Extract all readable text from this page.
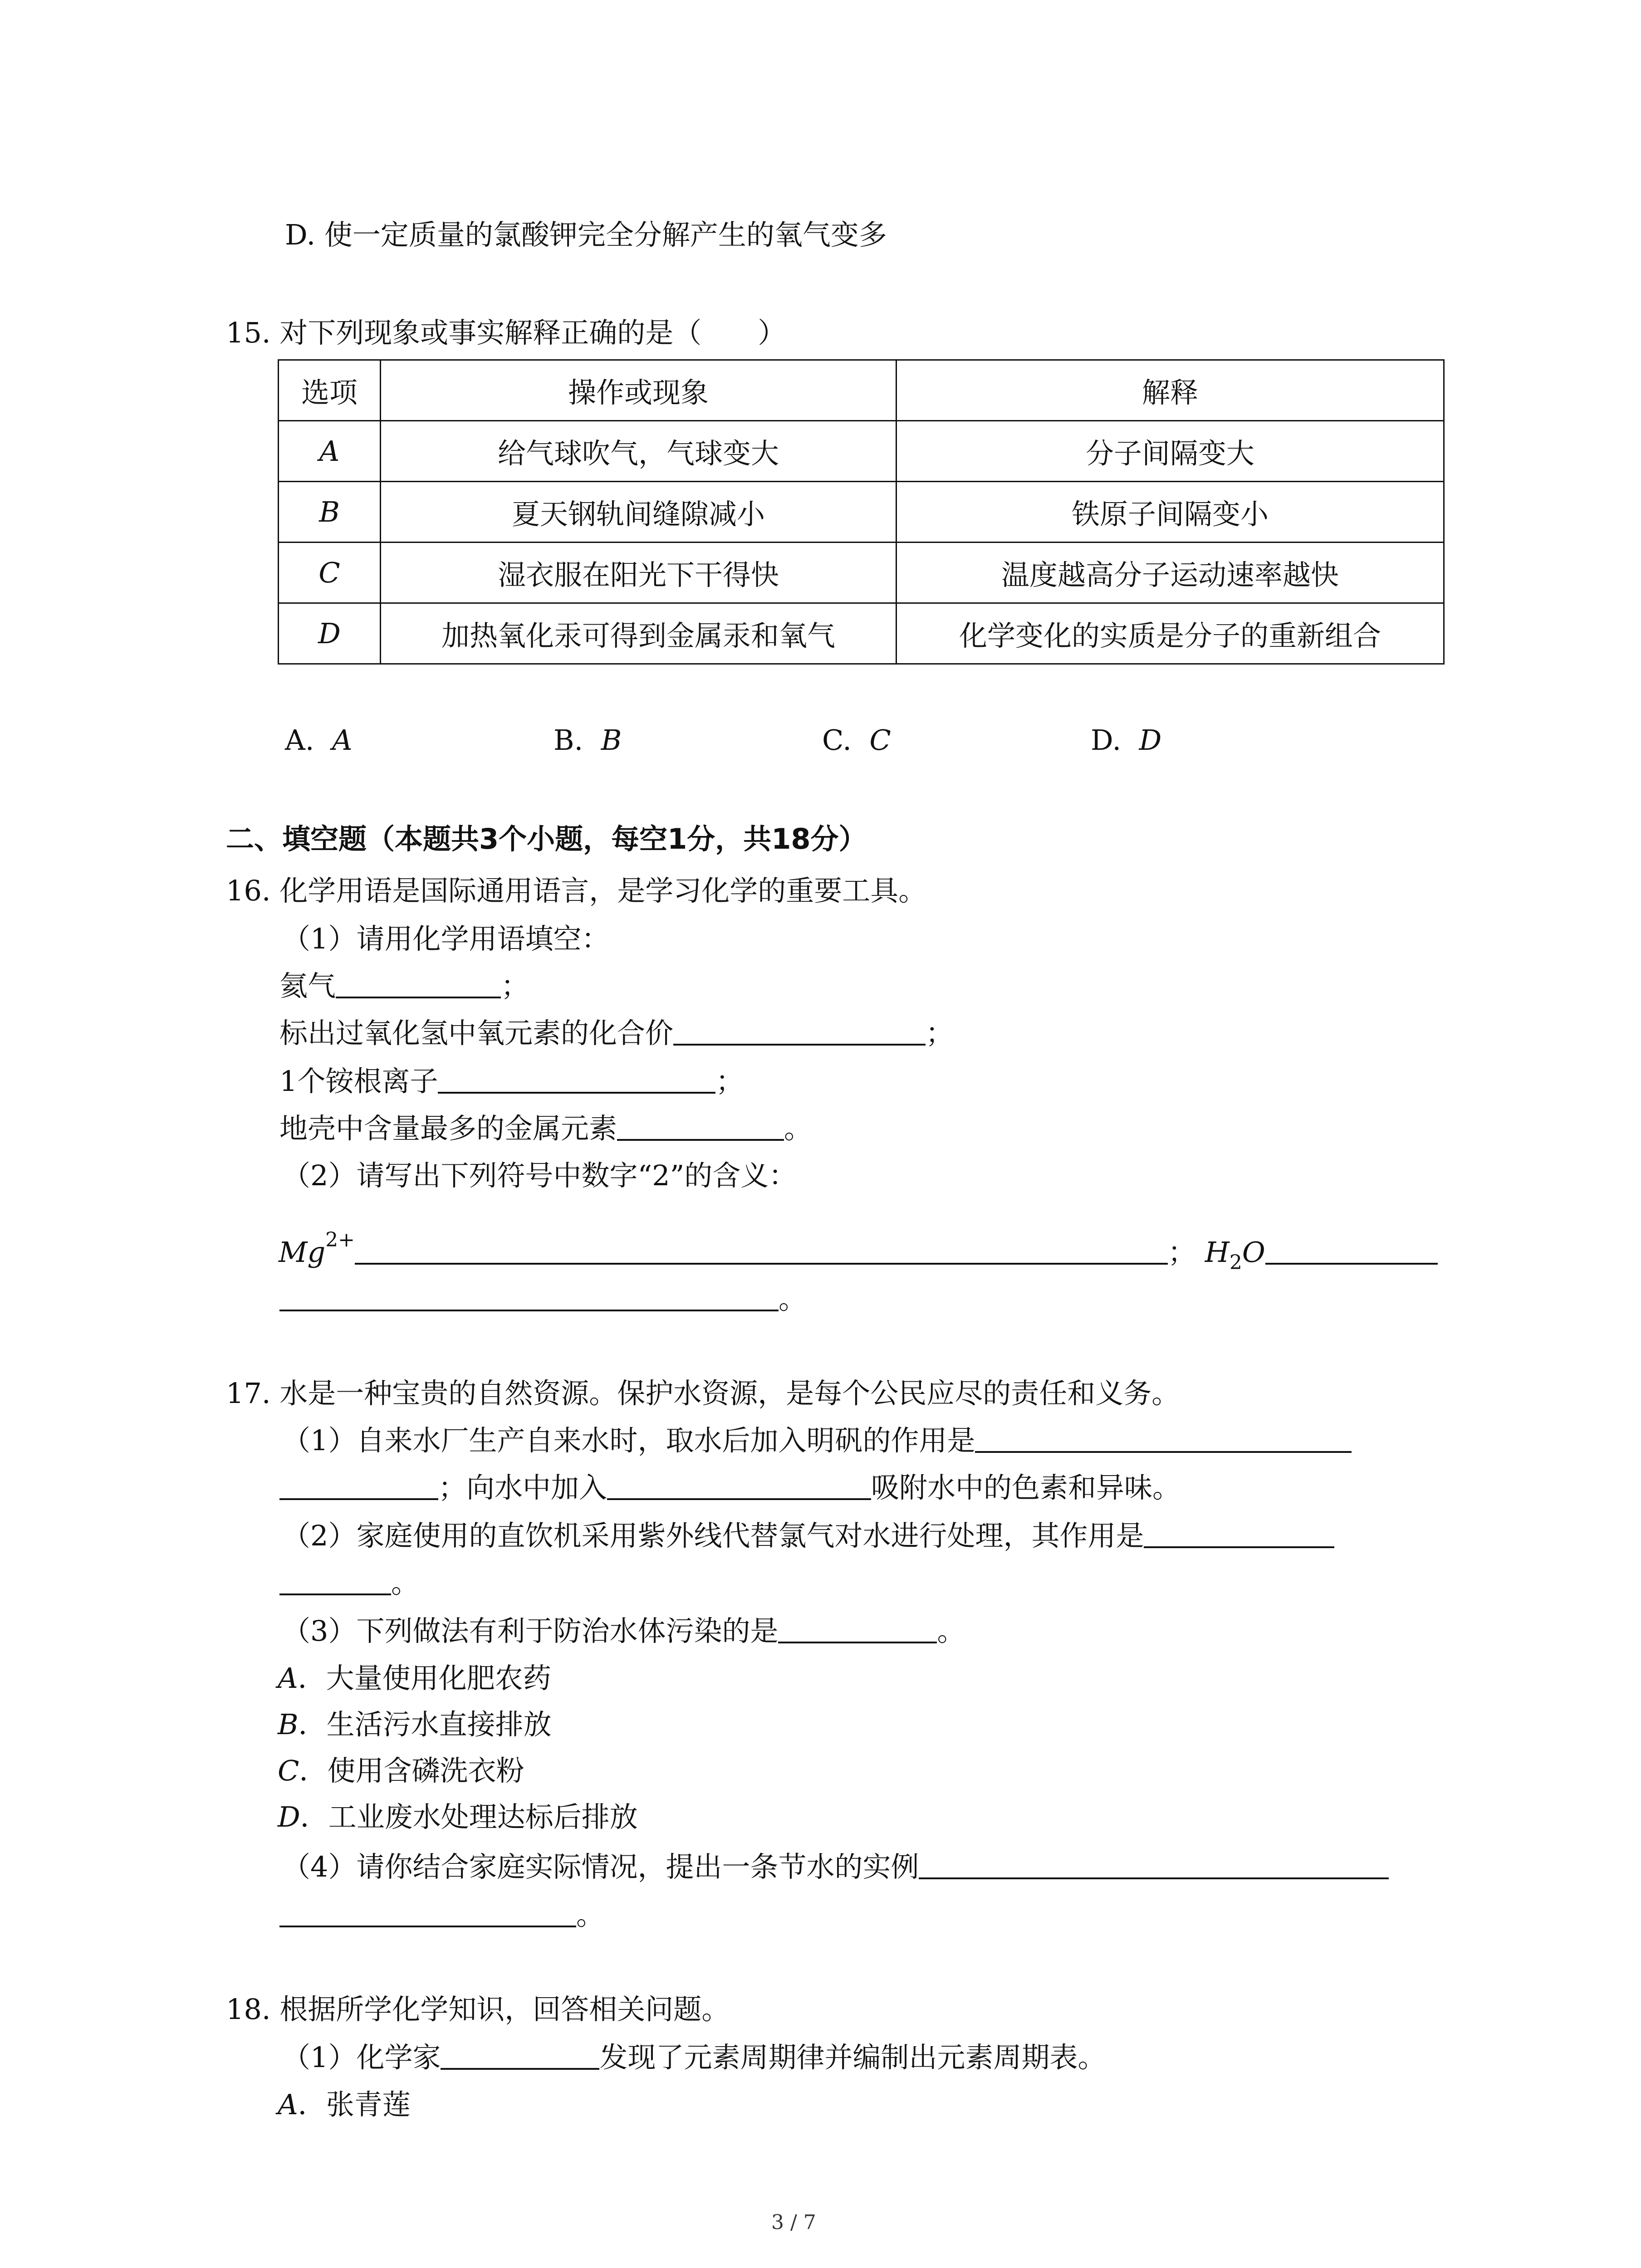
D. 使一定质量的氯酸钾完全分解产生的氧气变多
15. 对下列现象或事实解释正确的是（　　）
选项	操作或现象	解释
A	给气球吹气，气球变大	分子间隔变大
B	夏天钢轨间缝隙减小	铁原子间隔变小
C	湿衣服在阳光下干得快	温度越高分子运动速率越快
D	加热氧化汞可得到金属汞和氧气	化学变化的实质是分子的重新组合
A. A	B. B	C. C	D. D
二、填空题（本题共3个小题，每空1分，共18分）
16. 化学用语是国际通用语言，是学习化学的重要工具。
（1）请用化学用语填空：
氦气	；
标出过氧化氢中氧元素的化合价	；
1个铵根离子	；
地壳中含量最多的金属元素	。
（2）请写出下列符号中数字“2”的含义：
$Mg^{2+}$	； $H_2O$
。
17. 水是一种宝贵的自然资源。保护水资源，是每个公民应尽的责任和义务。
（1）自来水厂生产自来水时，取水后加入明矾的作用是
；向水中加入	吸附水中的色素和异味。
（2）家庭使用的直饮机采用紫外线代替氯气对水进行处理，其作用是
。
（3）下列做法有利于防治水体污染的是	。
A．大量使用化肥农药
B．生活污水直接排放
C．使用含磷洗衣粉
D．工业废水处理达标后排放
（4）请你结合家庭实际情况，提出一条节水的实例
。
18. 根据所学化学知识，回答相关问题。
（1）化学家	发现了元素周期律并编制出元素周期表。
A．张青莲
3 / 7
